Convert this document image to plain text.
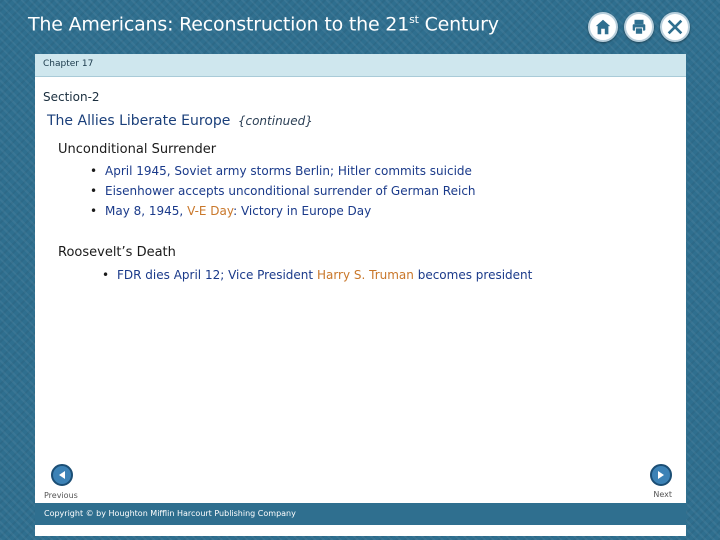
The Americans: Reconstruction to the 21st Century
Chapter 17
Section-2
The Allies Liberate Europe {continued}
Unconditional Surrender
• April 1945, Soviet army storms Berlin; Hitler commits suicide
• Eisenhower accepts unconditional surrender of German Reich
• May 8, 1945, V-E Day: Victory in Europe Day
Roosevelt’s Death
• FDR dies April 12; Vice President Harry S. Truman becomes president
Previous	Next
Copyright © by Houghton Mifflin Harcourt Publishing Company
